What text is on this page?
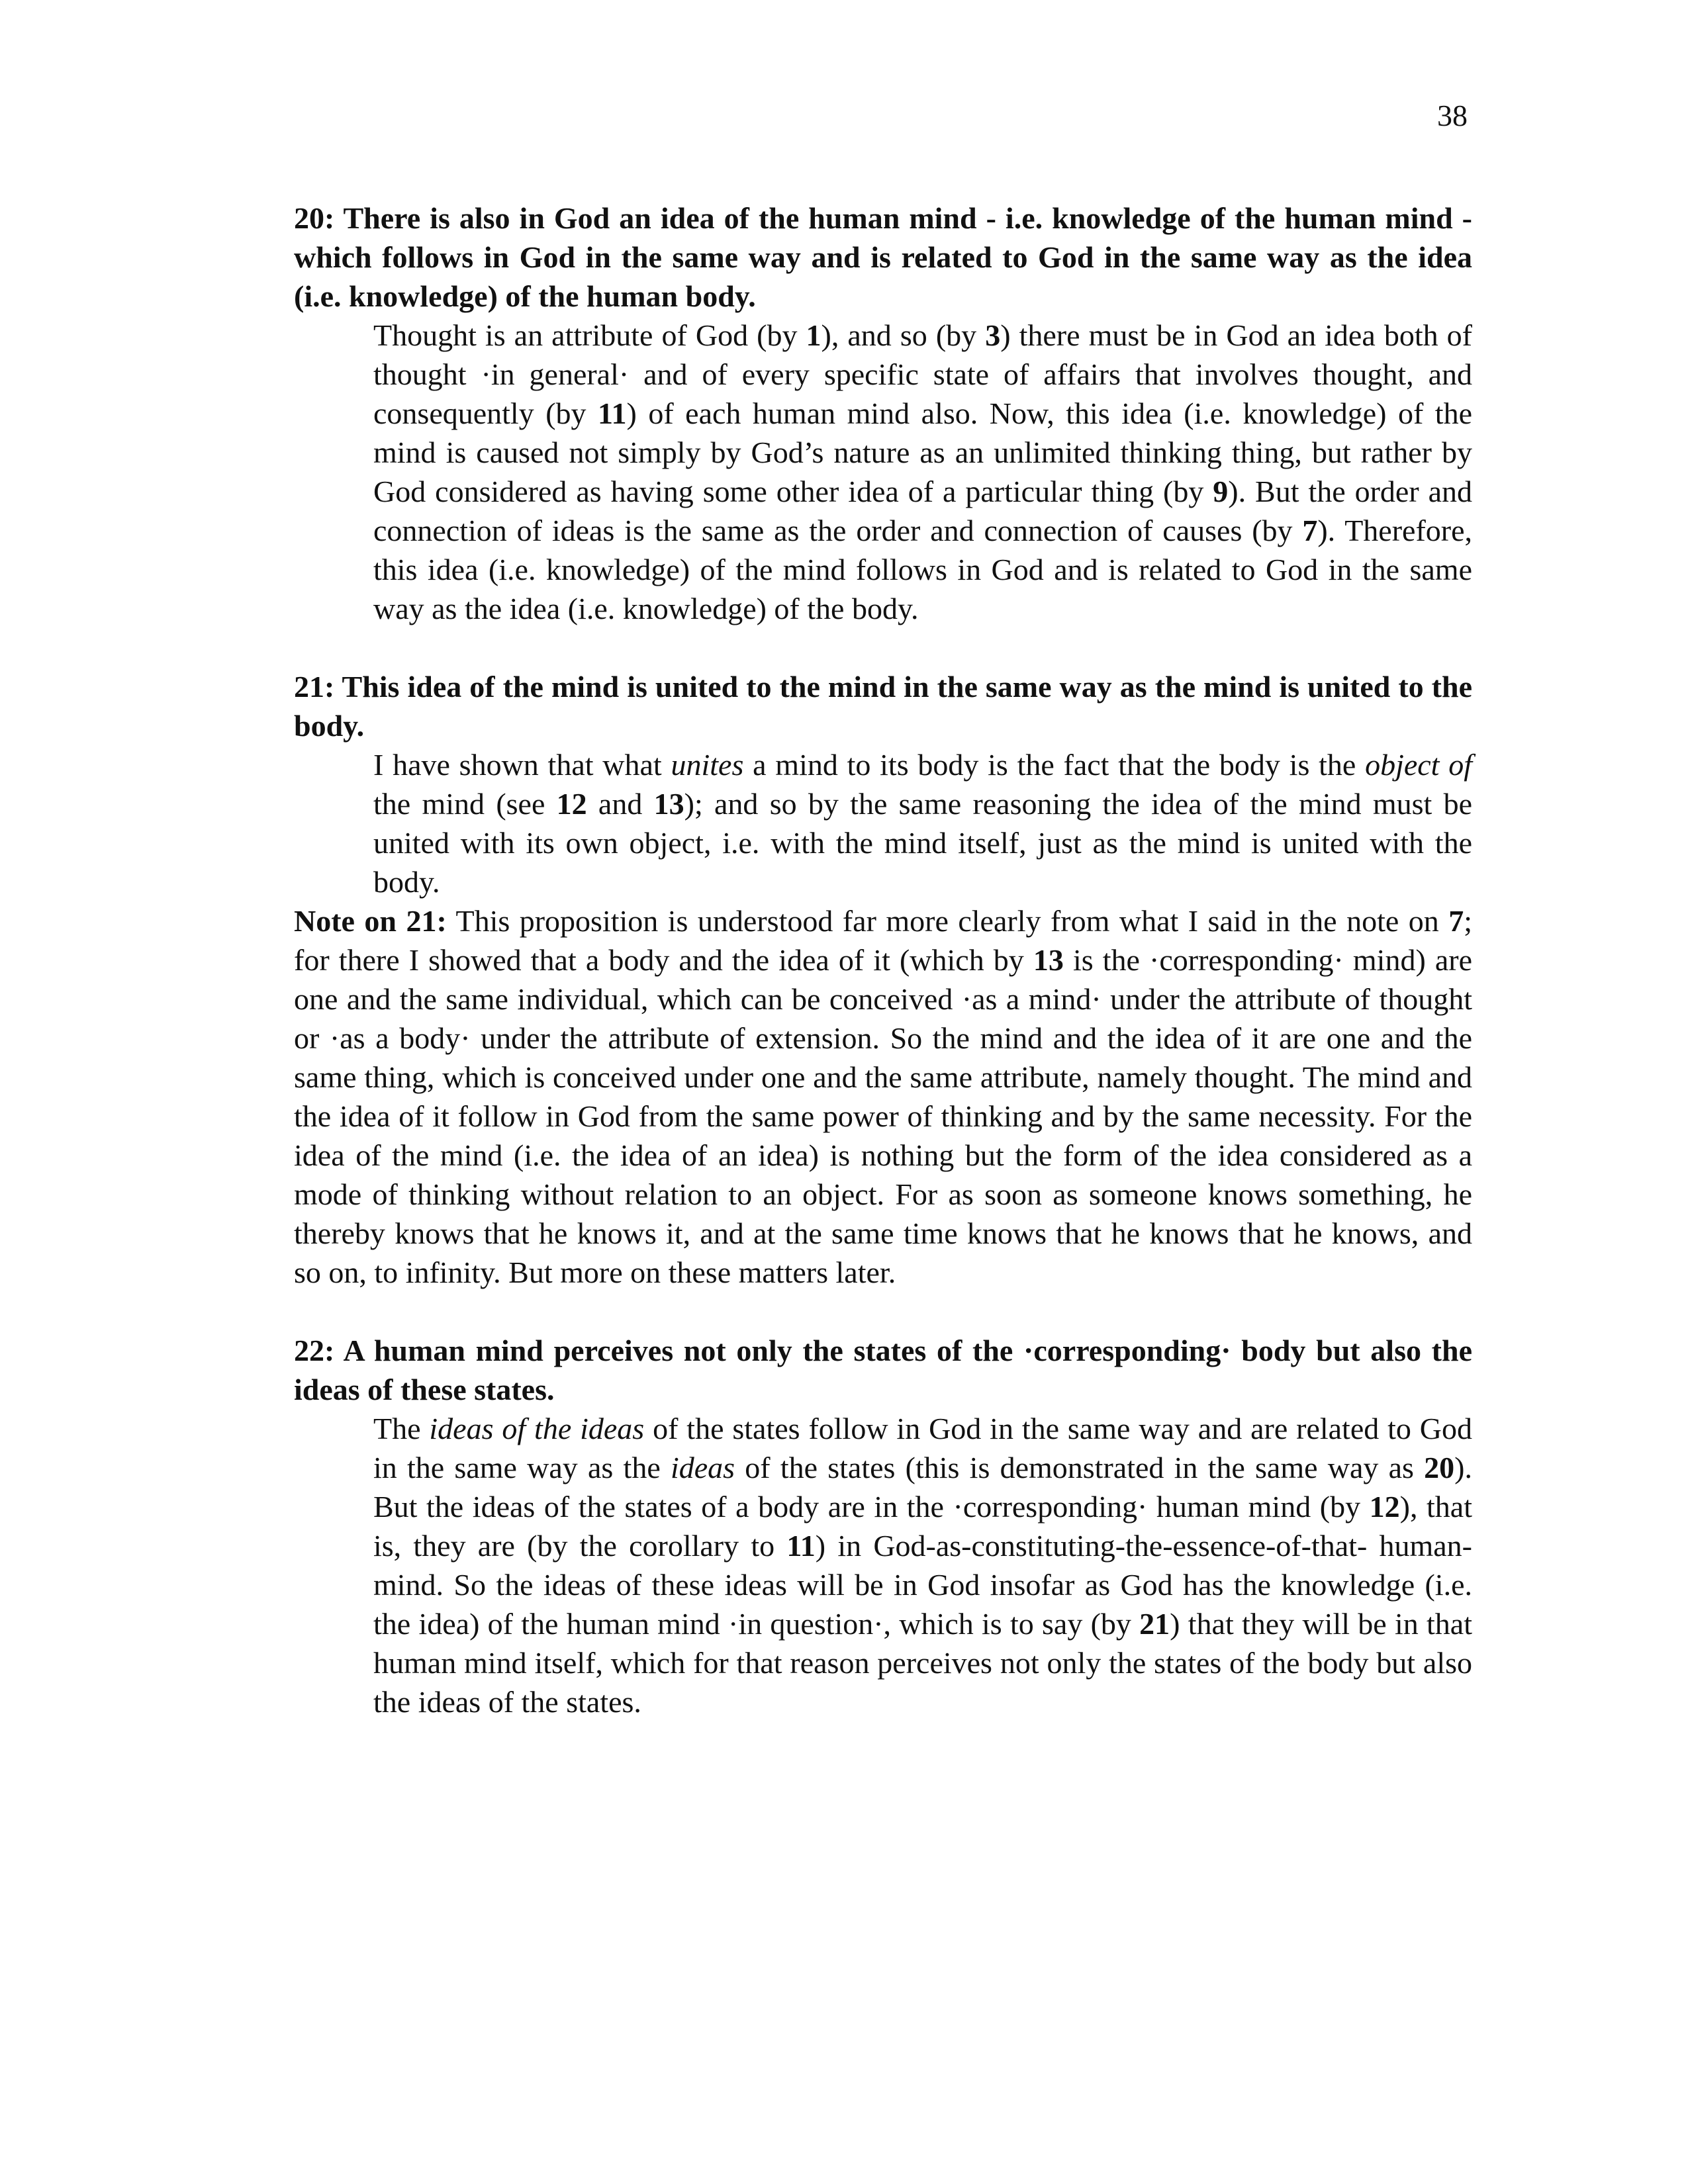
38

20: There is also in God an idea of the human mind - i.e. knowledge of the human mind - which follows in God in the same way and is related to God in the same way as the idea (i.e. knowledge) of the human body.

Thought is an attribute of God (by 1), and so (by 3) there must be in God an idea both of thought ·in general· and of every specific state of affairs that involves thought, and consequently (by 11) of each human mind also. Now, this idea (i.e. knowledge) of the mind is caused not simply by God’s nature as an unlimited thinking thing, but rather by God considered as having some other idea of a particular thing (by 9). But the order and connection of ideas is the same as the order and connection of causes (by 7). Therefore, this idea (i.e. knowledge) of the mind follows in God and is related to God in the same way as the idea (i.e. knowledge) of the body.

21: This idea of the mind is united to the mind in the same way as the mind is united to the body.

I have shown that what unites a mind to its body is the fact that the body is the object of the mind (see 12 and 13); and so by the same reasoning the idea of the mind must be united with its own object, i.e. with the mind itself, just as the mind is united with the body.

Note on 21: This proposition is understood far more clearly from what I said in the note on 7; for there I showed that a body and the idea of it (which by 13 is the ·corresponding· mind) are one and the same individual, which can be conceived ·as a mind· under the attribute of thought or ·as a body· under the attribute of extension. So the mind and the idea of it are one and the same thing, which is conceived under one and the same attribute, namely thought. The mind and the idea of it follow in God from the same power of thinking and by the same necessity. For the idea of the mind (i.e. the idea of an idea) is nothing but the form of the idea considered as a mode of thinking without relation to an object. For as soon as someone knows something, he thereby knows that he knows it, and at the same time knows that he knows that he knows, and so on, to infinity. But more on these matters later.

22: A human mind perceives not only the states of the ·corresponding· body but also the ideas of these states.

The ideas of the ideas of the states follow in God in the same way and are related to God in the same way as the ideas of the states (this is demonstrated in the same way as 20). But the ideas of the states of a body are in the ·corresponding· human mind (by 12), that is, they are (by the corollary to 11) in God-as-constituting-the-essence-of-that- human-mind. So the ideas of these ideas will be in God insofar as God has the knowledge (i.e. the idea) of the human mind ·in question·, which is to say (by 21) that they will be in that human mind itself, which for that reason perceives not only the states of the body but also the ideas of the states.
